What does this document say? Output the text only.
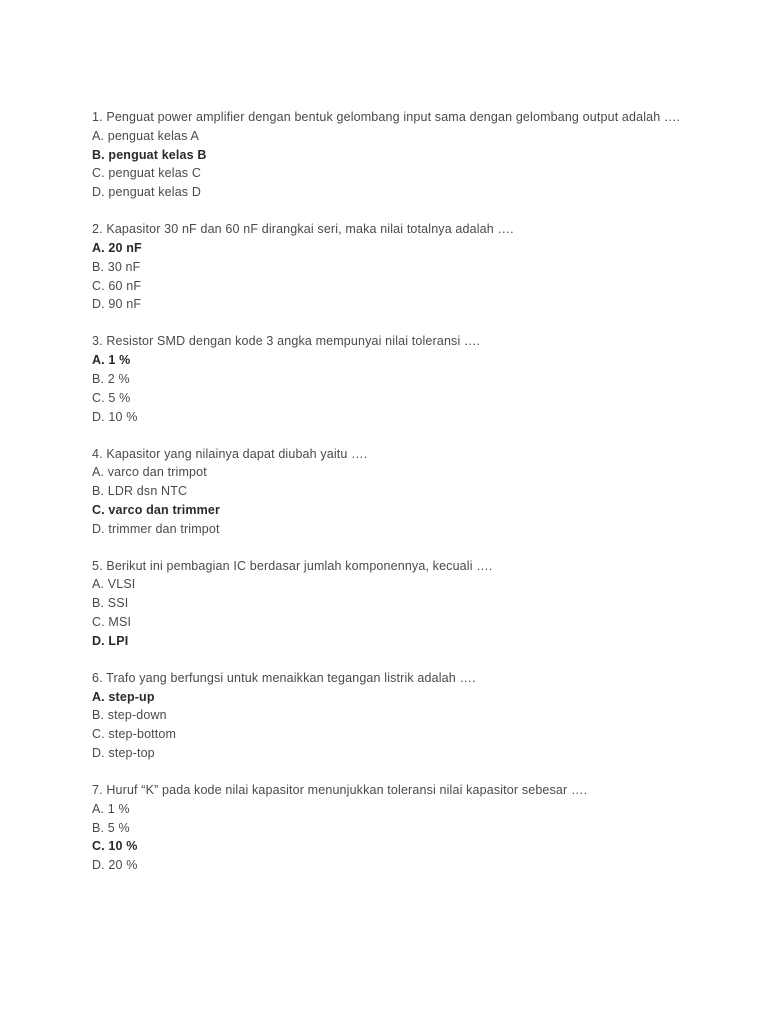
1. Penguat power amplifier dengan bentuk gelombang input sama dengan gelombang output adalah ….

A. penguat kelas A
B. penguat kelas B
C. penguat kelas C
D. penguat kelas D

2. Kapasitor 30 nF dan 60 nF dirangkai seri, maka nilai totalnya adalah ….

A. 20 nF
B. 30 nF
C. 60 nF
D. 90 nF

3. Resistor SMD dengan kode 3 angka mempunyai nilai toleransi ….

A. 1 %
B. 2 %
C. 5 %
D. 10 %

4. Kapasitor yang nilainya dapat diubah yaitu ….

A. varco dan trimpot
B. LDR dsn NTC
C. varco dan trimmer
D. trimmer dan trimpot

5. Berikut ini pembagian IC berdasar jumlah komponennya, kecuali ….

A. VLSI
B. SSI
C. MSI
D. LPI

6. Trafo yang berfungsi untuk menaikkan tegangan listrik adalah ….

A. step-up
B. step-down
C. step-bottom
D. step-top

7. Huruf “K” pada kode nilai kapasitor menunjukkan toleransi nilai kapasitor sebesar ….

A. 1 %
B. 5 %
C. 10 %
D. 20 %
